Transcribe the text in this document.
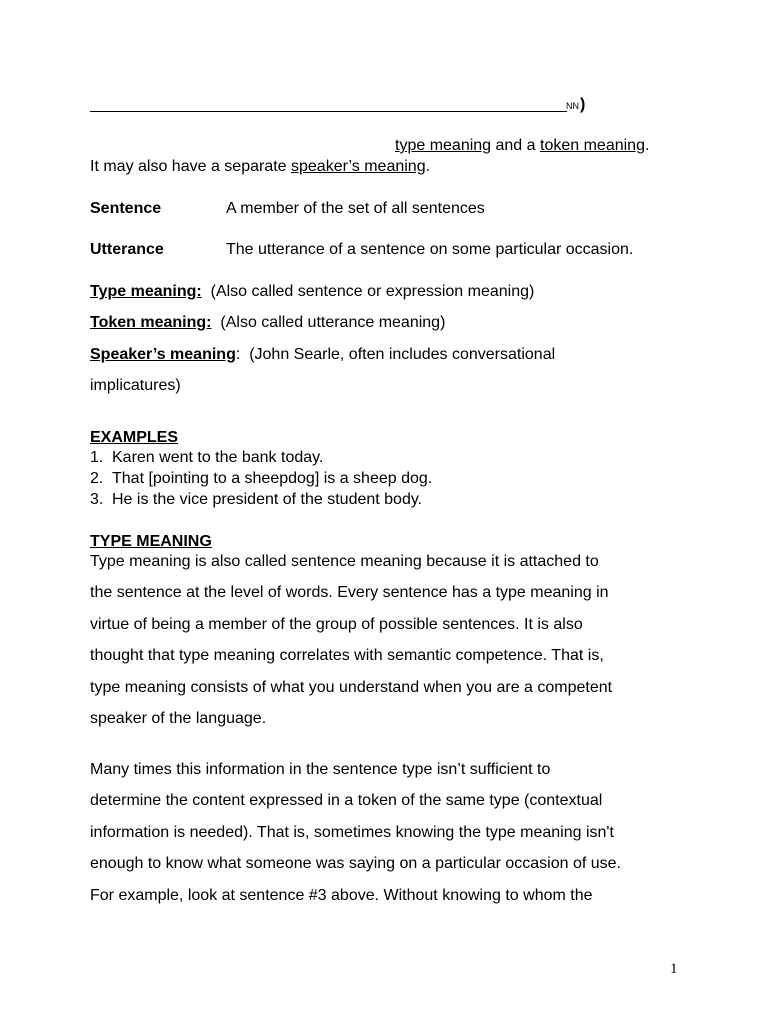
NN )
type meaning and a token meaning.
It may also have a separate speaker’s meaning.
Sentence	A member of the set of all sentences
Utterance	The utterance of a sentence on some particular occasion.
Type meaning: (Also called sentence or expression meaning)
Token meaning: (Also called utterance meaning)
Speaker’s meaning: (John Searle, often includes conversational
implicatures)
EXAMPLES
1. Karen went to the bank today.
2. That [pointing to a sheepdog] is a sheep dog.
3. He is the vice president of the student body.
TYPE MEANING
Type meaning is also called sentence meaning because it is attached to
the sentence at the level of words. Every sentence has a type meaning in
virtue of being a member of the group of possible sentences. It is also
thought that type meaning correlates with semantic competence. That is,
type meaning consists of what you understand when you are a competent
speaker of the language.
Many times this information in the sentence type isn’t sufficient to
determine the content expressed in a token of the same type (contextual
information is needed). That is, sometimes knowing the type meaning isn't
enough to know what someone was saying on a particular occasion of use.
For example, look at sentence #3 above. Without knowing to whom the
1
